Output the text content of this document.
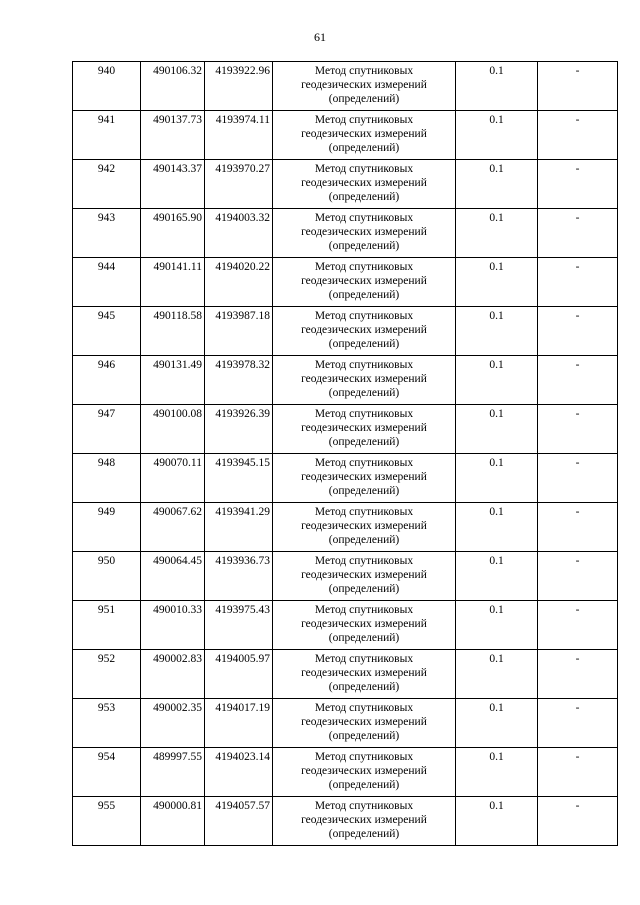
61
940	490106.32	4193922.96	Метод спутниковых
геодезических измерений
(определений)	0.1	-
941	490137.73	4193974.11	Метод спутниковых
геодезических измерений
(определений)	0.1	-
942	490143.37	4193970.27	Метод спутниковых
геодезических измерений
(определений)	0.1	-
943	490165.90	4194003.32	Метод спутниковых
геодезических измерений
(определений)	0.1	-
944	490141.11	4194020.22	Метод спутниковых
геодезических измерений
(определений)	0.1	-
945	490118.58	4193987.18	Метод спутниковых
геодезических измерений
(определений)	0.1	-
946	490131.49	4193978.32	Метод спутниковых
геодезических измерений
(определений)	0.1	-
947	490100.08	4193926.39	Метод спутниковых
геодезических измерений
(определений)	0.1	-
948	490070.11	4193945.15	Метод спутниковых
геодезических измерений
(определений)	0.1	-
949	490067.62	4193941.29	Метод спутниковых
геодезических измерений
(определений)	0.1	-
950	490064.45	4193936.73	Метод спутниковых
геодезических измерений
(определений)	0.1	-
951	490010.33	4193975.43	Метод спутниковых
геодезических измерений
(определений)	0.1	-
952	490002.83	4194005.97	Метод спутниковых
геодезических измерений
(определений)	0.1	-
953	490002.35	4194017.19	Метод спутниковых
геодезических измерений
(определений)	0.1	-
954	489997.55	4194023.14	Метод спутниковых
геодезических измерений
(определений)	0.1	-
955	490000.81	4194057.57	Метод спутниковых
геодезических измерений
(определений)	0.1	-
